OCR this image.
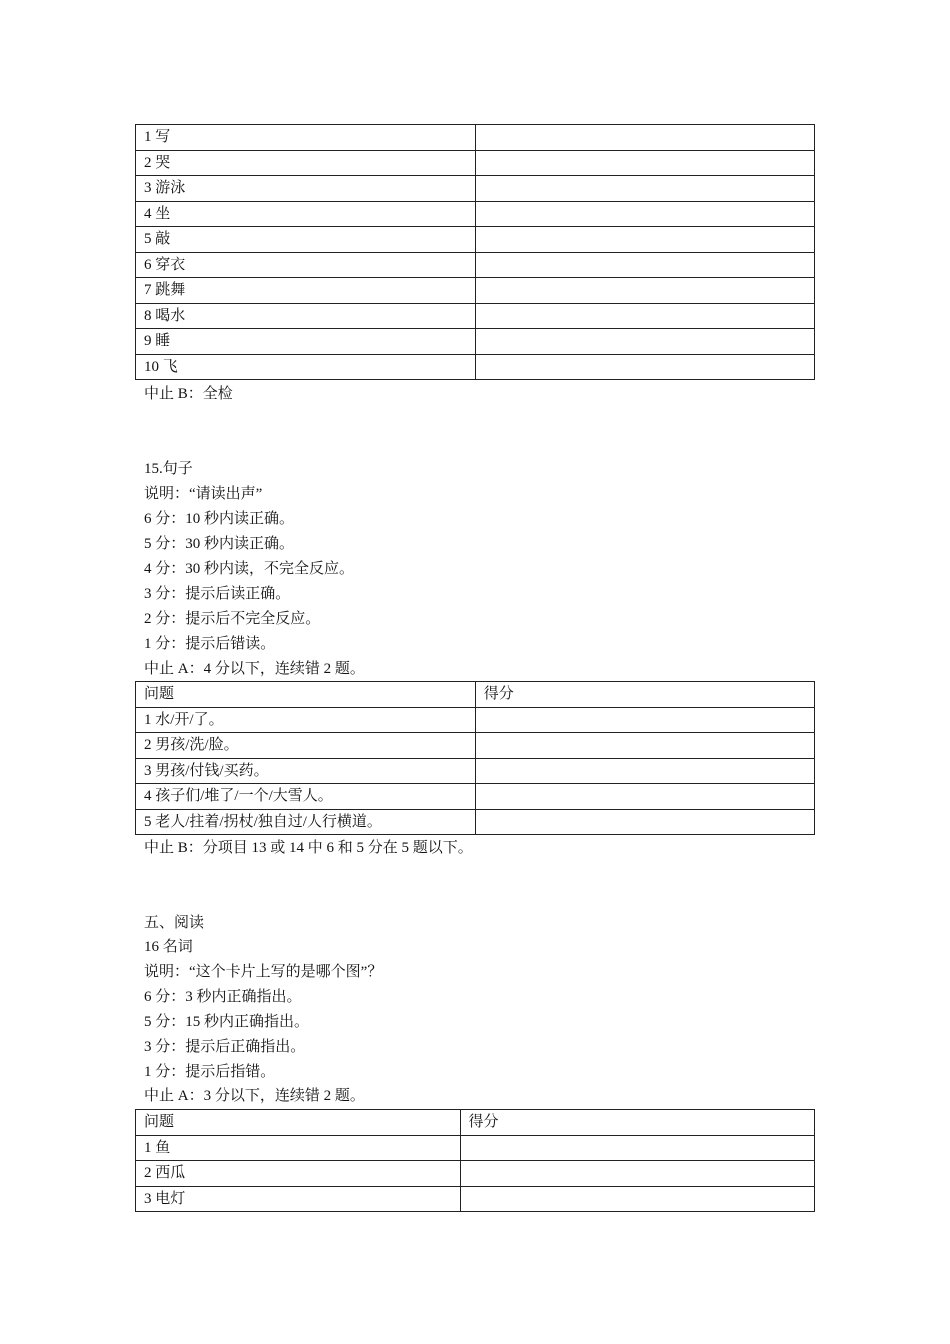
1 写	
2 哭	
3 游泳	
4 坐	
5 敲	
6 穿衣	
7 跳舞	
8 喝水	
9 睡	
10 飞	
中止 B：全检
15.句子
说明：“请读出声”
6 分：10 秒内读正确。
5 分：30 秒内读正确。
4 分：30 秒内读，不完全反应。
3 分：提示后读正确。
2 分：提示后不完全反应。
1 分：提示后错读。
中止 A：4 分以下，连续错 2 题。
问题	得分
1 水/开/了。	
2 男孩/洗/脸。	
3 男孩/付钱/买药。	
4 孩子们/堆了/一个/大雪人。	
5 老人/拄着/拐杖/独自过/人行横道。	
中止 B：分项目 13 或 14 中 6 和 5 分在 5 题以下。
五、阅读
16 名词
说明：“这个卡片上写的是哪个图”？
6 分：3 秒内正确指出。
5 分：15 秒内正确指出。
3 分：提示后正确指出。
1 分：提示后指错。
中止 A：3 分以下，连续错 2 题。
问题	得分
1 鱼	
2 西瓜	
3 电灯	
